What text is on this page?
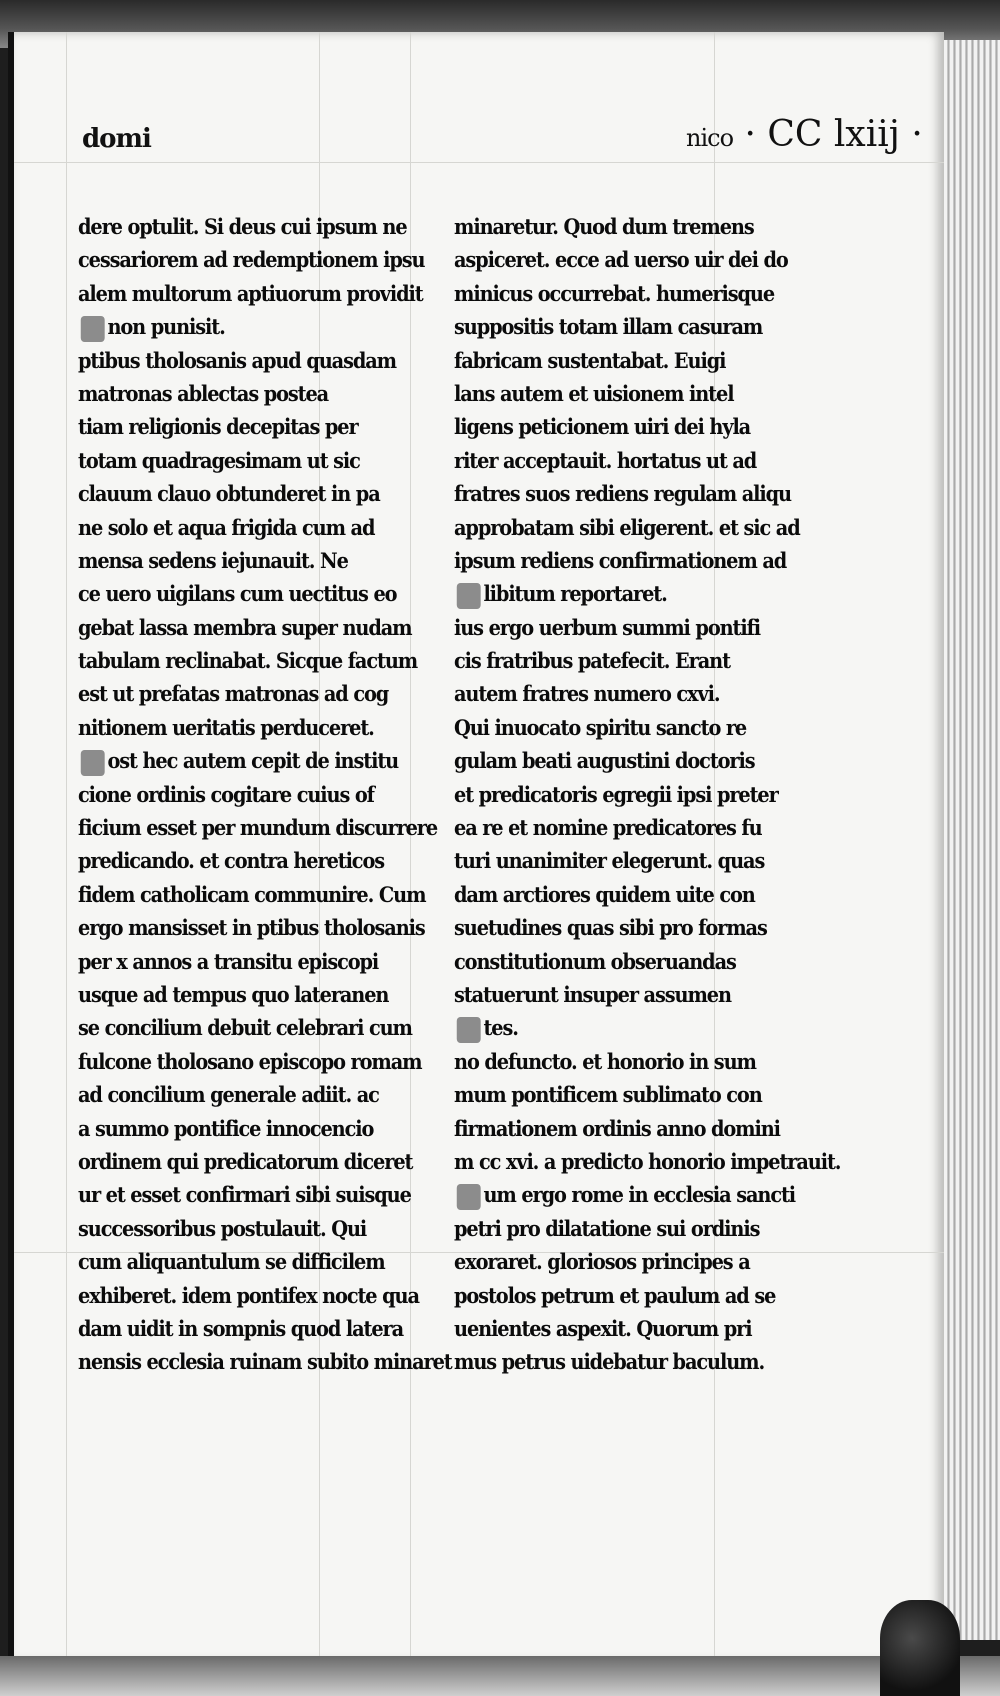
domi	nico · CC lxiij ·
dere optulit. Si deus cui ipsum ne
cessariorem ad redemptionem ipsu
alem multorum aptiuorum providit
non punisit.
ptibus tholosanis apud quasdam
matronas ablectas postea
tiam religionis decepitas per
totam quadragesimam ut sic
clauum clauo obtunderet in pa
ne solo et aqua frigida cum ad
mensa sedens iejunauit. Ne
ce uero uigilans cum uectitus eo
gebat lassa membra super nudam
tabulam reclinabat. Sicque factum
est ut prefatas matronas ad cog
nitionem ueritatis perduceret.
ost hec autem cepit de institu
cione ordinis cogitare cuius of
ficium esset per mundum discurrere
predicando. et contra hereticos
fidem catholicam communire. Cum
ergo mansisset in ptibus tholosanis
per x annos a transitu episcopi
usque ad tempus quo lateranen
se concilium debuit celebrari cum
fulcone tholosano episcopo romam
ad concilium generale adiit. ac
a summo pontifice innocencio
ordinem qui predicatorum diceret
ur et esset confirmari sibi suisque
successoribus postulauit. Qui
cum aliquantulum se difficilem
exhiberet. idem pontifex nocte qua
dam uidit in sompnis quod latera
nensis ecclesia ruinam subito minaret
minaretur. Quod dum tremens
aspiceret. ecce ad uerso uir dei do
minicus occurrebat. humerisque
suppositis totam illam casuram
fabricam sustentabat. Euigi
lans autem et uisionem intel
ligens peticionem uiri dei hyla
riter acceptauit. hortatus ut ad
fratres suos rediens regulam aliqu
approbatam sibi eligerent. et sic ad
ipsum rediens confirmationem ad
libitum reportaret.
ius ergo uerbum summi pontifi
cis fratribus patefecit. Erant
autem fratres numero cxvi.
Qui inuocato spiritu sancto re
gulam beati augustini doctoris
et predicatoris egregii ipsi preter
ea re et nomine predicatores fu
turi unanimiter elegerunt. quas
dam arctiores quidem uite con
suetudines quas sibi pro formas
constitutionum obseruandas
statuerunt insuper assumen
tes.
no defuncto. et honorio in sum
mum pontificem sublimato con
firmationem ordinis anno domini
m cc xvi. a predicto honorio impetrauit.
um ergo rome in ecclesia sancti
petri pro dilatatione sui ordinis
exoraret. gloriosos principes a
postolos petrum et paulum ad se
uenientes aspexit. Quorum pri
mus petrus uidebatur baculum.
